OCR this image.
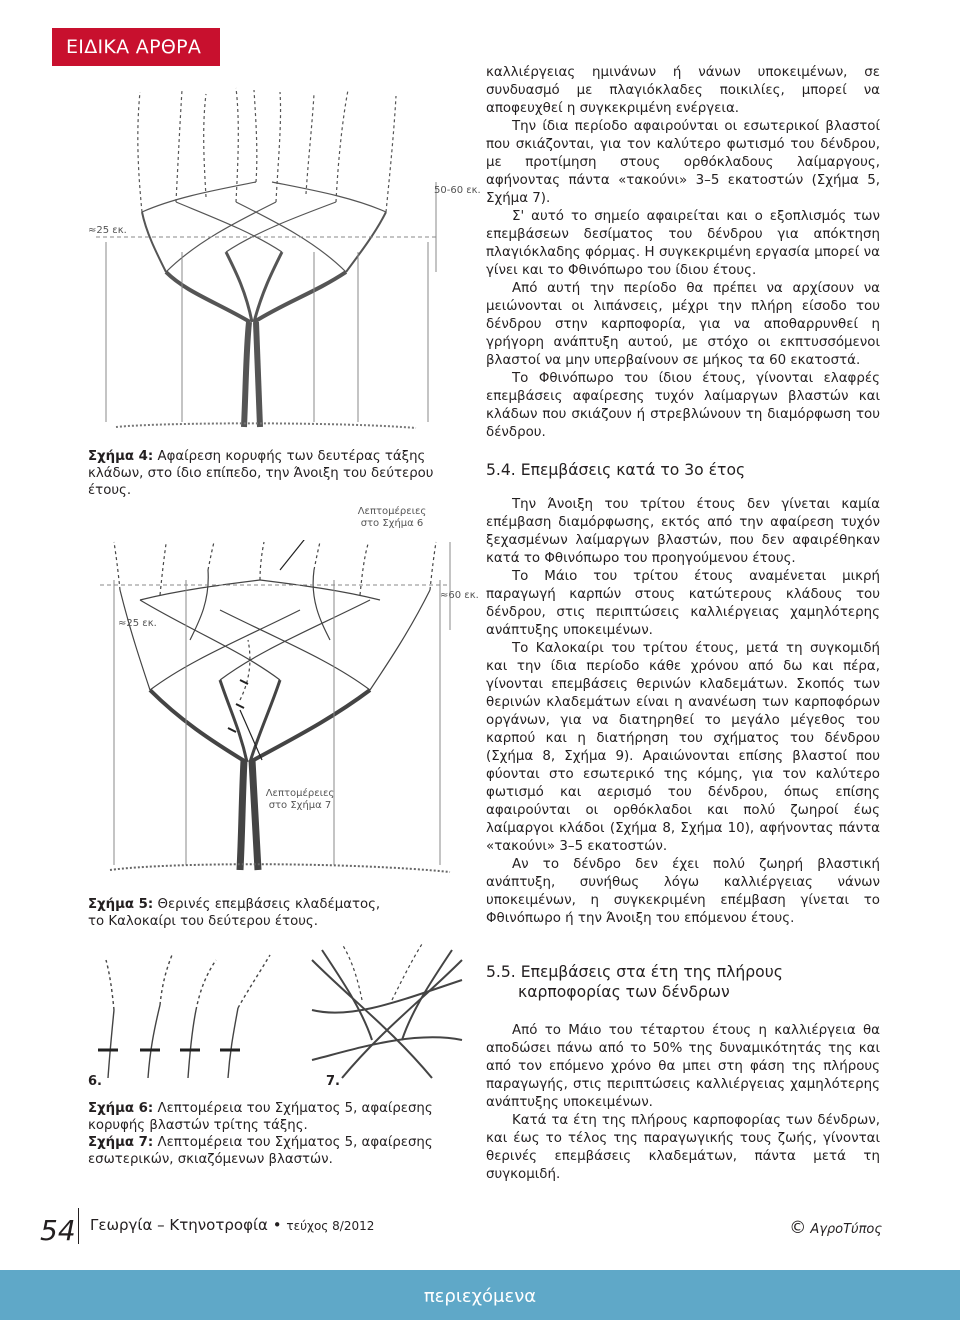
ΕΙΔΙΚΑ ΑΡΘΡΑ
≈25 εκ.
50-60 εκ.
Σχήμα 4: Αφαίρεση κορυφής των δευτέρας τάξης κλάδων, στο ίδιο επίπεδο, την Άνοιξη του δεύτερου έτους.
Λεπτομέρειες στο Σχήμα 6
≈25 εκ.
≈60 εκ.
Λεπτομέρειες στο Σχήμα 7
Σχήμα 5: Θερινές επεμβάσεις κλαδέματος, το Καλοκαίρι του δεύτερου έτους.
6.	7.
Σχήμα 6: Λεπτομέρεια του Σχήματος 5, αφαίρεσης κορυφής βλαστών τρίτης τάξης.
Σχήμα 7: Λεπτομέρεια του Σχήματος 5, αφαίρεσης εσωτερικών, σκιαζόμενων βλαστών.

καλλιέργειας ημινάνων ή νάνων υποκειμένων, σε συνδυασμό με πλαγιόκλαδες ποικιλίες, μπορεί να αποφευχθεί η συγκεκριμένη ενέργεια.

Την ίδια περίοδο αφαιρούνται οι εσωτερικοί βλαστοί που σκιάζονται, για τον καλύτερο φωτισμό του δένδρου, με προτίμηση στους ορθόκλαδους λαίμαργους, αφήνοντας πάντα «τακούνι» 3–5 εκατοστών (Σχήμα 5, Σχήμα 7).

Σ' αυτό το σημείο αφαιρείται και ο εξοπλισμός των επεμβάσεων δεσίματος του δένδρου για απόκτηση πλαγιόκλαδης φόρμας. Η συγκεκριμένη εργασία μπορεί να γίνει και το Φθινόπωρο του ίδιου έτους.

Από αυτή την περίοδο θα πρέπει να αρχίσουν να μειώνονται οι λιπάνσεις, μέχρι την πλήρη είσοδο του δένδρου στην καρποφορία, για να αποθαρρυνθεί η γρήγορη ανάπτυξη αυτού, με στόχο οι εκπτυσσόμενοι βλαστοί να μην υπερβαίνουν σε μήκος τα 60 εκατοστά.

Το Φθινόπωρο του ίδιου έτους, γίνονται ελαφρές επεμβάσεις αφαίρεσης τυχόν λαίμαργων βλαστών και κλάδων που σκιάζουν ή στρεβλώνουν τη διαμόρφωση του δένδρου.

5.4. Επεμβάσεις κατά το 3ο έτος

Την Άνοιξη του τρίτου έτους δεν γίνεται καμία επέμβαση διαμόρφωσης, εκτός από την αφαίρεση τυχόν ξεχασμένων λαίμαργων βλαστών, που δεν αφαιρέθηκαν κατά το Φθινόπωρο του προηγούμενου έτους.

Το Μάιο του τρίτου έτους αναμένεται μικρή παραγωγή καρπών στους κατώτερους κλάδους του δένδρου, στις περιπτώσεις καλλιέργειας χαμηλότερης ανάπτυξης υποκειμένων.

Το Καλοκαίρι του τρίτου έτους, μετά τη συγκομιδή και την ίδια περίοδο κάθε χρόνου από δω και πέρα, γίνονται επεμβάσεις θερινών κλαδεμάτων. Σκοπός των θερινών κλαδεμάτων είναι η ανανέωση των καρποφόρων οργάνων, για να διατηρηθεί το μεγάλο μέγεθος του καρπού και η διατήρηση του σχήματος του δένδρου (Σχήμα 8, Σχήμα 9). Αραιώνονται επίσης βλαστοί που φύονται στο εσωτερικό της κόμης, για τον καλύτερο φωτισμό και αερισμό του δένδρου, όπως επίσης αφαιρούνται οι ορθόκλαδοι και πολύ ζωηροί έως λαίμαργοι κλάδοι (Σχήμα 8, Σχήμα 10), αφήνοντας πάντα «τακούνι» 3–5 εκατοστών.

Αν το δένδρο δεν έχει πολύ ζωηρή βλαστική ανάπτυξη, συνήθως λόγω καλλιέργειας νάνων υποκειμένων, η συγκεκριμένη επέμβαση γίνεται το Φθινόπωρο ή την Άνοιξη του επόμενου έτους.

5.5. Επεμβάσεις στα έτη της πλήρους
καρποφορίας των δένδρων

Από το Μάιο του τέταρτου έτους η καλλιέργεια θα αποδώσει πάνω από το 50% της δυναμικότητάς της και από τον επόμενο χρόνο θα μπει στη φάση της πλήρους παραγωγής, στις περιπτώσεις καλλιέργειας χαμηλότερης ανάπτυξης υποκειμένων.

Κατά τα έτη της πλήρους καρποφορίας των δένδρων, και έως το τέλος της παραγωγικής τους ζωής, γίνονται θερινές επεμβάσεις κλαδεμάτων, πάντα μετά τη συγκομιδή.

54 Γεωργία – Κτηνοτροφία • τεύχος 8/2012	© ΑγροΤύπος
περιεχόμενα
